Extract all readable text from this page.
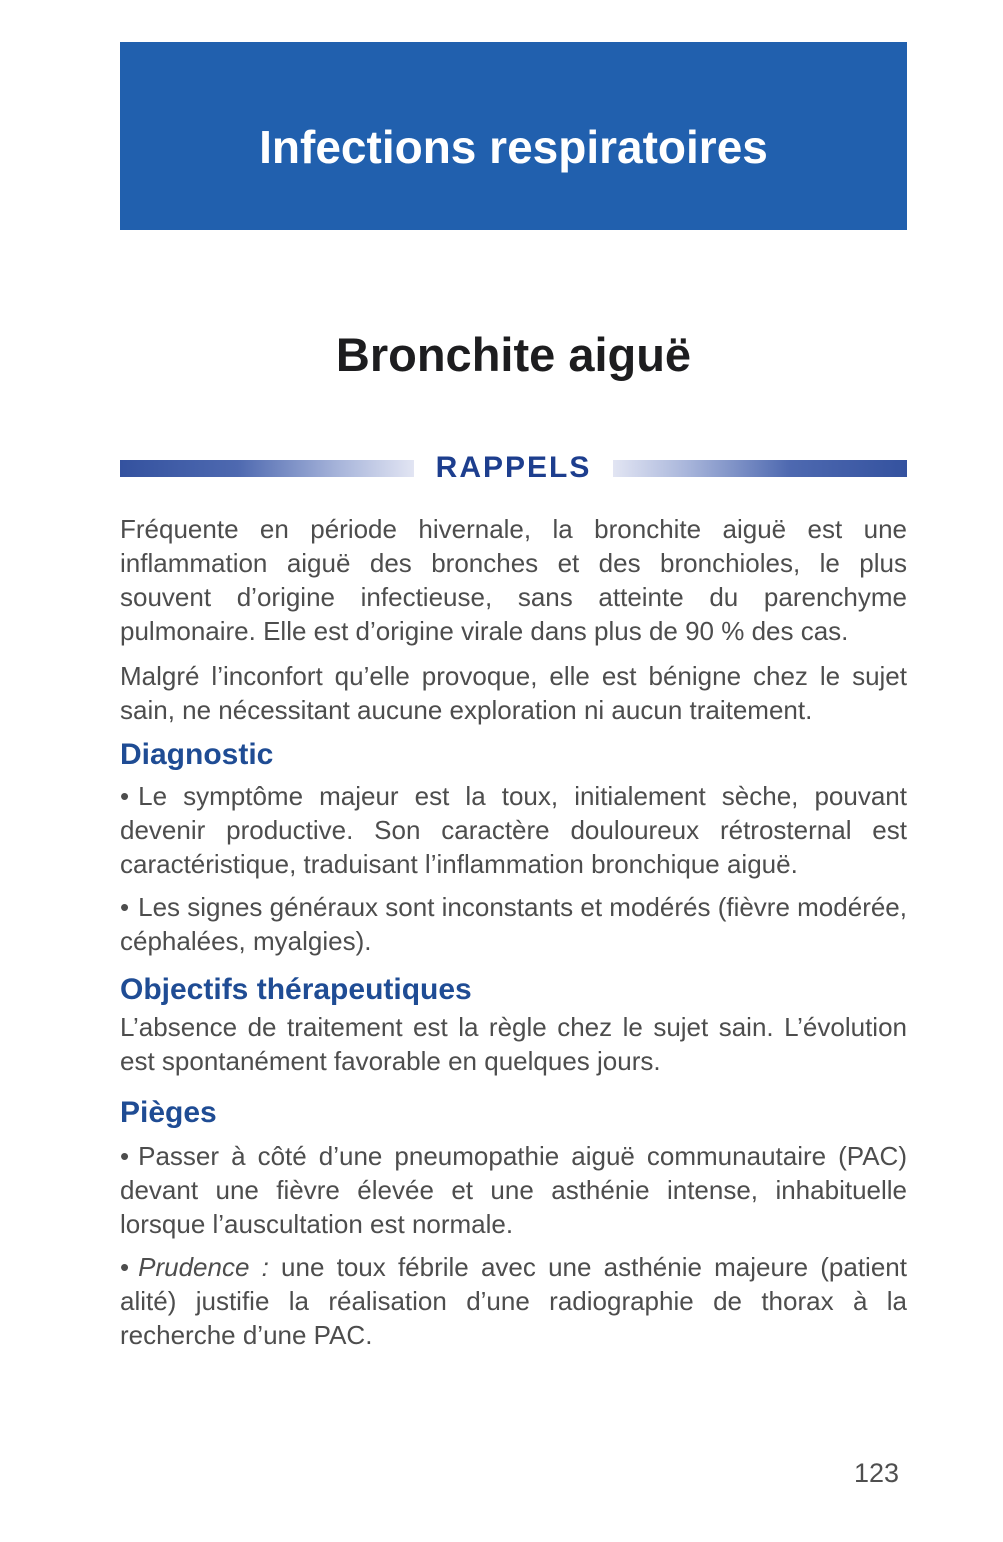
Infections respiratoires
Bronchite aiguë
RAPPELS

Fréquente en période hivernale, la bronchite aiguë est une inflammation aiguë des bronches et des bronchioles, le plus souvent d’origine infectieuse, sans atteinte du parenchyme pulmonaire. Elle est d’origine virale dans plus de 90 % des cas.

Malgré l’inconfort qu’elle provoque, elle est bénigne chez le sujet sain, ne nécessitant aucune exploration ni aucun traitement.

Diagnostic

• Le symptôme majeur est la toux, initialement sèche, pouvant devenir productive. Son caractère douloureux rétrosternal est caractéristique, traduisant l’inflammation bronchique aiguë.

• Les signes généraux sont inconstants et modérés (fièvre modérée, céphalées, myalgies).

Objectifs thérapeutiques

L’absence de traitement est la règle chez le sujet sain. L’évolution est spontanément favorable en quelques jours.

Pièges

• Passer à côté d’une pneumopathie aiguë communautaire (PAC) devant une fièvre élevée et une asthénie intense, inhabituelle lorsque l’auscultation est normale.

• Prudence : une toux fébrile avec une asthénie majeure (patient alité) justifie la réalisation d’une radiographie de thorax à la recherche d’une PAC.

123
